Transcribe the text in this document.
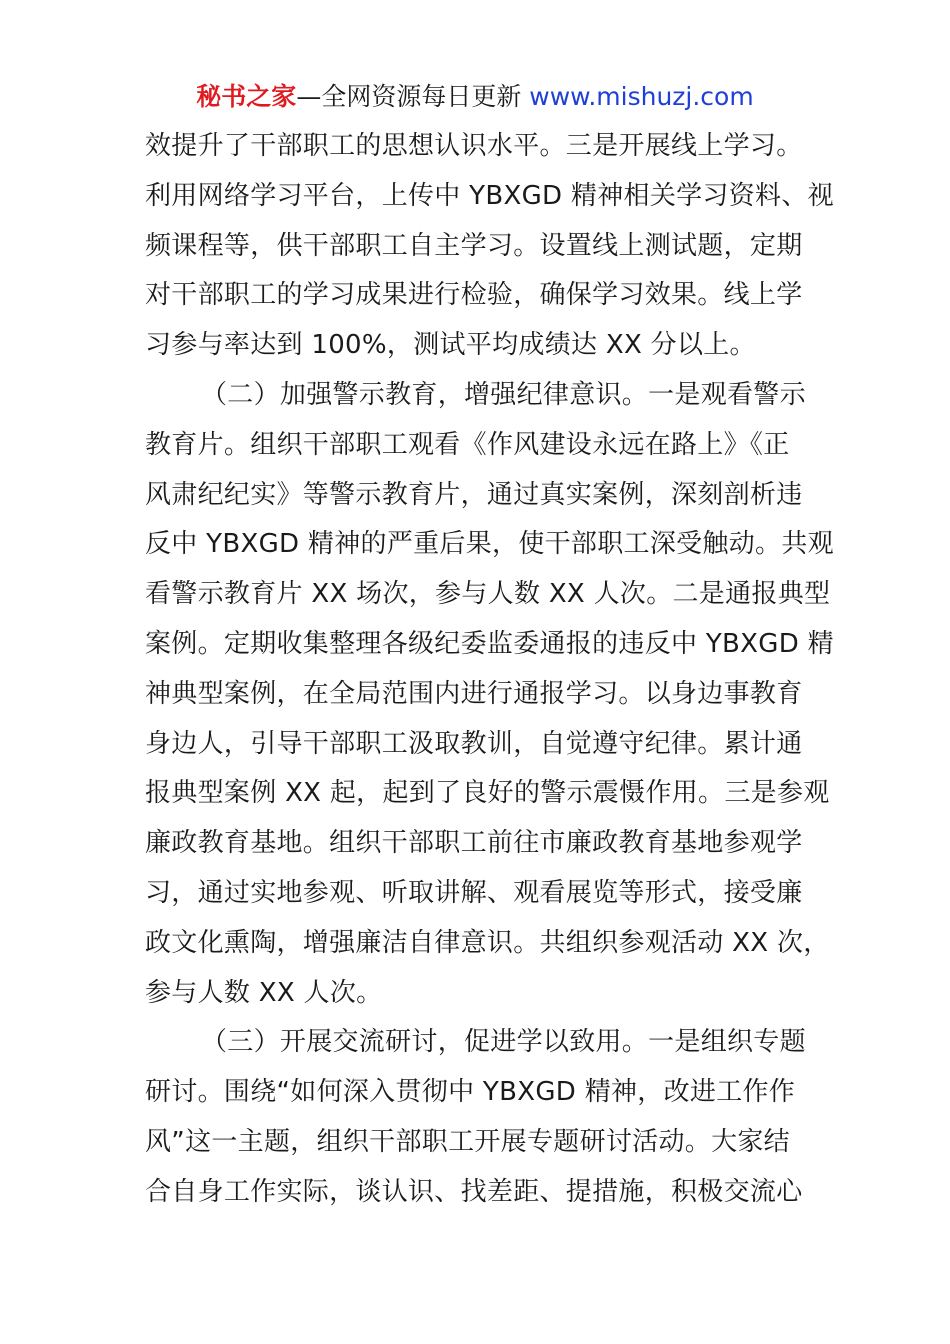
秘书之家—全网资源每日更新 www.mishuzj.com
效提升了干部职工的思想认识水平。三是开展线上学习。
利用网络学习平台，上传中 YBXGD 精神相关学习资料、视
频课程等，供干部职工自主学习。设置线上测试题，定期
对干部职工的学习成果进行检验，确保学习效果。线上学
习参与率达到 100%，测试平均成绩达 XX 分以上。
（二）加强警示教育，增强纪律意识。一是观看警示
教育片。组织干部职工观看《作风建设永远在路上》《正
风肃纪纪实》等警示教育片，通过真实案例，深刻剖析违
反中 YBXGD 精神的严重后果，使干部职工深受触动。共观
看警示教育片 XX 场次，参与人数 XX 人次。二是通报典型
案例。定期收集整理各级纪委监委通报的违反中 YBXGD 精
神典型案例，在全局范围内进行通报学习。以身边事教育
身边人，引导干部职工汲取教训，自觉遵守纪律。累计通
报典型案例 XX 起，起到了良好的警示震慑作用。三是参观
廉政教育基地。组织干部职工前往市廉政教育基地参观学
习，通过实地参观、听取讲解、观看展览等形式，接受廉
政文化熏陶，增强廉洁自律意识。共组织参观活动 XX 次，
参与人数 XX 人次。
（三）开展交流研讨，促进学以致用。一是组织专题
研讨。围绕“如何深入贯彻中 YBXGD 精神，改进工作作
风”这一主题，组织干部职工开展专题研讨活动。大家结
合自身工作实际，谈认识、找差距、提措施，积极交流心
